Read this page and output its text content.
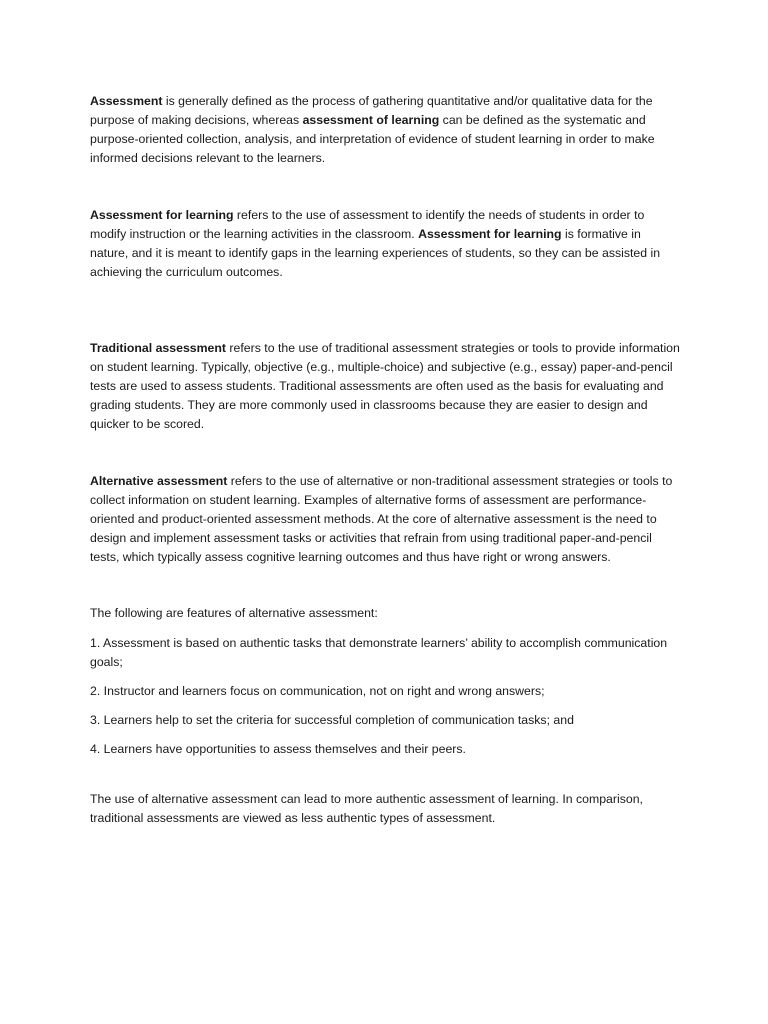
Assessment is generally defined as the process of gathering quantitative and/or qualitative data for the purpose of making decisions, whereas assessment of learning can be defined as the systematic and purpose-oriented collection, analysis, and interpretation of evidence of student learning in order to make informed decisions relevant to the learners.

Assessment for learning refers to the use of assessment to identify the needs of students in order to modify instruction or the learning activities in the classroom. Assessment for learning is formative in nature, and it is meant to identify gaps in the learning experiences of students, so they can be assisted in achieving the curriculum outcomes.

Traditional assessment refers to the use of traditional assessment strategies or tools to provide information on student learning. Typically, objective (e.g., multiple-choice) and subjective (e.g., essay) paper-and-pencil tests are used to assess students. Traditional assessments are often used as the basis for evaluating and grading students. They are more commonly used in classrooms because they are easier to design and quicker to be scored.

Alternative assessment refers to the use of alternative or non-traditional assessment strategies or tools to collect information on student learning. Examples of alternative forms of assessment are performance-oriented and product-oriented assessment methods. At the core of alternative assessment is the need to design and implement assessment tasks or activities that refrain from using traditional paper-and-pencil tests, which typically assess cognitive learning outcomes and thus have right or wrong answers.

The following are features of alternative assessment:

1. Assessment is based on authentic tasks that demonstrate learners’ ability to accomplish communication goals;

2. Instructor and learners focus on communication, not on right and wrong answers;

3. Learners help to set the criteria for successful completion of communication tasks; and

4. Learners have opportunities to assess themselves and their peers.

The use of alternative assessment can lead to more authentic assessment of learning. In comparison, traditional assessments are viewed as less authentic types of assessment.
